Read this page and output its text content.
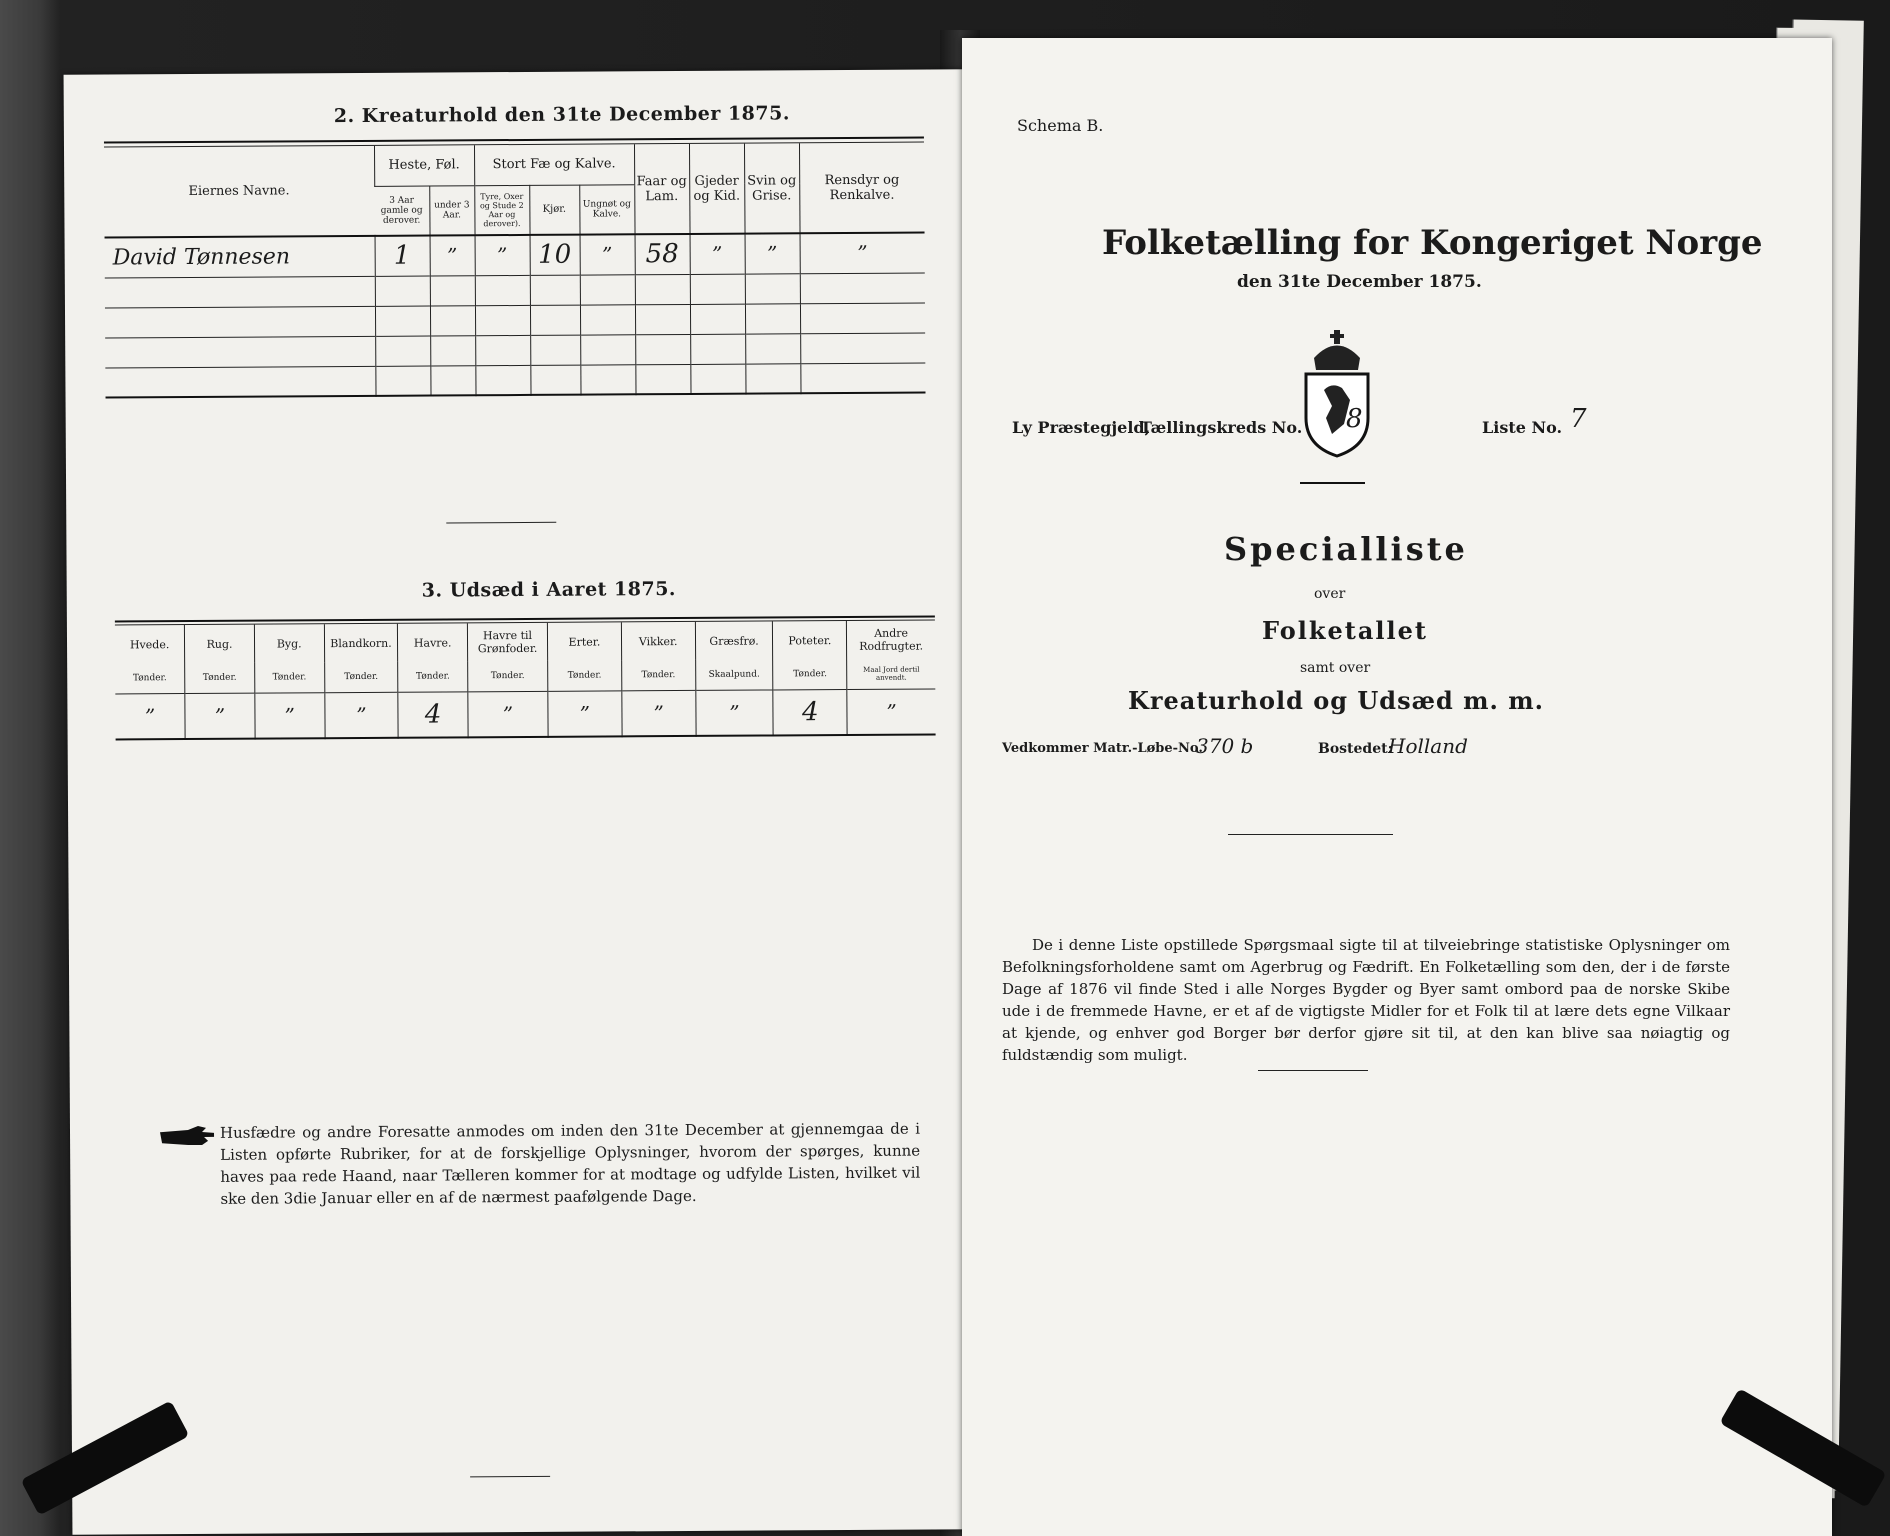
2. Kreaturhold den 31te December 1875.
Eiernes Navne.	Heste, Føl.		Stort Fæ og Kalve.			Faar og Lam.	Gjeder og Kid.	Svin og Grise.	Rensdyr og Renkalve.
	3 Aar gamle og derover.	under 3 Aar.	Tyre, Oxer og Stude 2 Aar og derover).	Kjør.	Ungnøt og Kalve.				
David Tønnesen	1	”	”	10	”	58	”	”	”

3. Udsæd i Aaret 1875.
Hvede.	Rug.	Byg.	Blandkorn.	Havre.	Havre til Grønfoder.	Erter.	Vikker.	Græsfrø.	Poteter.	Andre Rodfrugter.
Tønder.	Tønder.	Tønder.	Tønder.	Tønder.	Tønder.	Tønder.	Tønder.	Skaalpund.	Tønder.	Maal Jord dertil anvendt.
”	”	”	”	4	”	”	”	”	4	”
Husfædre og andre Foresatte anmodes om inden den 31te December at gjennemgaa de i Listen opførte Rubriker, for at de forskjellige Oplysninger, hvorom der spørges, kunne haves paa rede Haand, naar Tælleren kommer for at modtage og udfylde Listen, hvilket vil ske den 3die Januar eller en af de nærmest paafølgende Dage.
Schema B.
Folketælling for Kongeriget Norge
den 31te December 1875.
Ly Præstegjeld,
Tællingskreds No. 8	Liste No. 7
Specialliste
over
Folketallet
samt over
Kreaturhold og Udsæd m. m.
Vedkommer Matr.-Løbe-No.
370 b	Bostedet:
Holland
De i denne Liste opstillede Spørgsmaal sigte til at tilveiebringe statistiske Oplysninger om Befolkningsforholdene samt om Agerbrug og Fædrift. En Folketælling som den, der i de første Dage af 1876 vil finde Sted i alle Norges Bygder og Byer samt ombord paa de norske Skibe ude i de fremmede Havne, er et af de vigtigste Midler for et Folk til at lære dets egne Vilkaar at kjende, og enhver god Borger bør derfor gjøre sit til, at den kan blive saa nøiagtig og fuldstændig som muligt.
